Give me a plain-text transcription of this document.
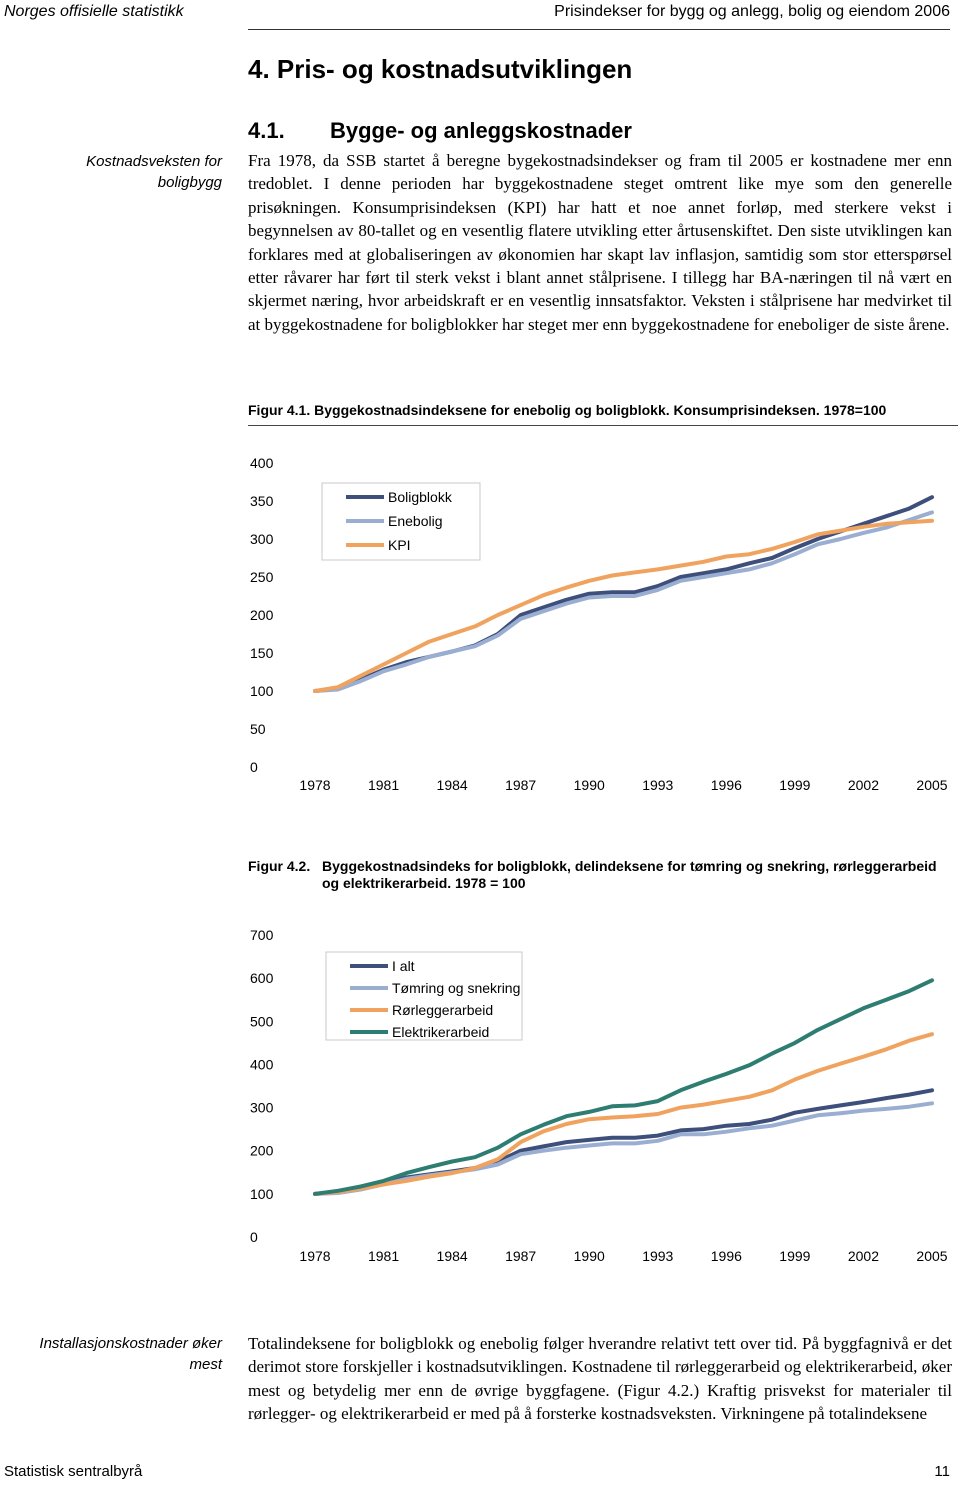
Norges offisielle statistikk	Prisindekser for bygg og anlegg, bolig og eiendom 2006
4. Pris- og kostnadsutviklingen
4.1. Bygge- og anleggskostnader
Kostnadsveksten for boligbygg
Fra 1978, da SSB startet å beregne bygekostnadsindekser og fram til 2005 er kostnadene mer enn tredoblet. I denne perioden har byggekostnadene steget omtrent like mye som den generelle prisøkningen. Konsumprisindeksen (KPI) har hatt et noe annet forløp, med sterkere vekst i begynnelsen av 80-tallet og en vesentlig flatere utvikling etter årtusenskiftet. Den siste utviklingen kan forklares med at globaliseringen av økonomien har skapt lav inflasjon, samtidig som stor etterspørsel etter råvarer har ført til sterk vekst i blant annet stålprisene. I tillegg har BA-næringen til nå vært en skjermet næring, hvor arbeidskraft er en vesentlig innsatsfaktor. Veksten i stålprisene har medvirket til at byggekostnadene for boligblokker har steget mer enn byggekostnadene for eneboliger de siste årene.
Figur 4.1. Byggekostnadsindeksene for enebolig og boligblokk. Konsumprisindeksen. 1978=100
0
50
100
150
200
250
300
350
400
1978	1981	1984	1987	1990	1993	1996	1999	2002	2005
Boligblokk
Enebolig
KPI
Figur 4.2. Byggekostnadsindeks for boligblokk, delindeksene for tømring og snekring, rørleggerarbeid og elektrikerarbeid. 1978 = 100
0
100
200
300
400
500
600
700
1978	1981	1984	1987	1990	1993	1996	1999	2002	2005
I alt
Tømring og snekring
Rørleggerarbeid
Elektrikerarbeid
Installasjonskostnader øker mest
Totalindeksene for boligblokk og enebolig følger hverandre relativt tett over tid. På byggfagnivå er det derimot store forskjeller i kostnadsutviklingen. Kostnadene til rørleggerarbeid og elektrikerarbeid, øker mest og betydelig mer enn de øvrige byggfagene. (Figur 4.2.) Kraftig prisvekst for materialer til rørlegger- og elektrikerarbeid er med på å forsterke kostnadsveksten. Virkningene på totalindeksene
Statistisk sentralbyrå	11
